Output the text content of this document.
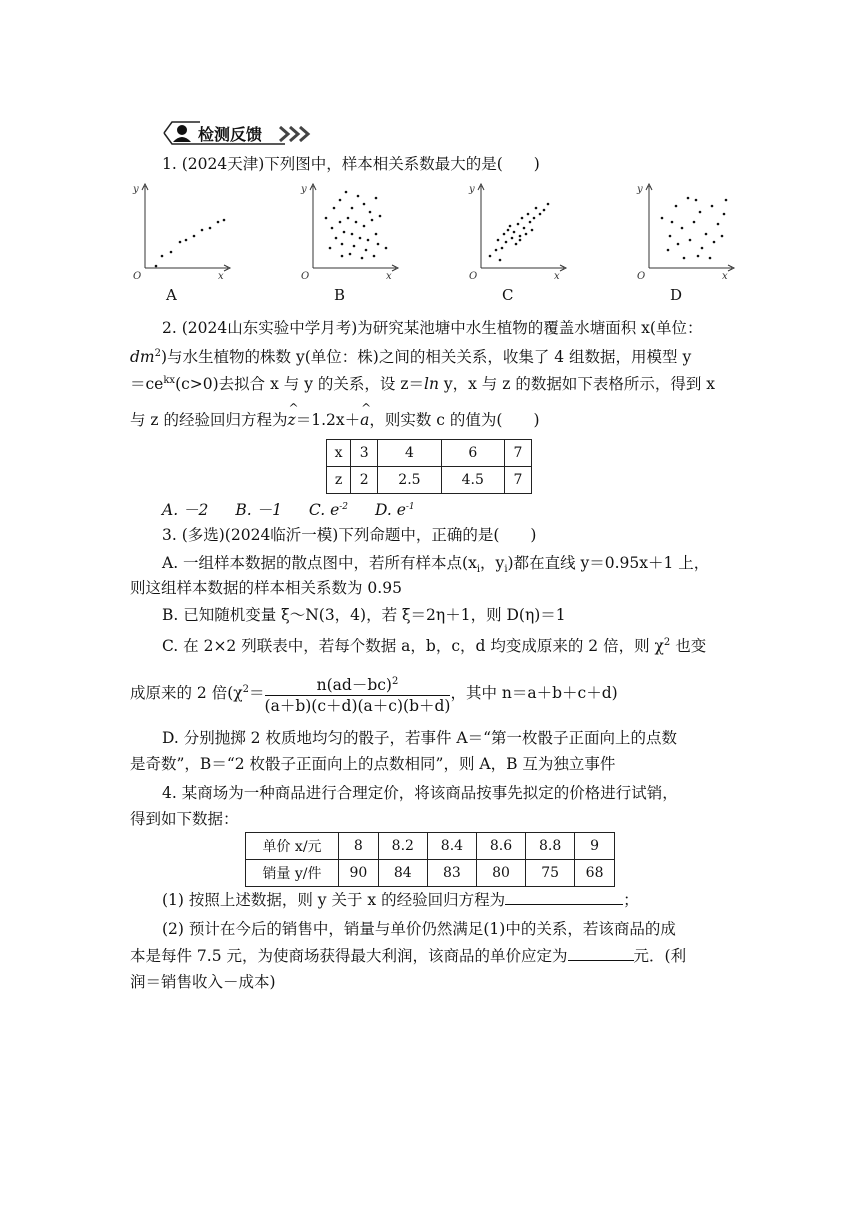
检测反馈
1. (2024天津)下列图中，样本相关系数最大的是(　　)
y
x
O
A
y
x
O
B
y
x
O
C
y
x
O
D
2. (2024山东实验中学月考)为研究某池塘中水生植物的覆盖水塘面积 x(单位：
$dm^2$)与水生植物的株数 y(单位：株)之间的相关关系，收集了 4 组数据，用模型 y
$=ce^{kx}(c>0)$去拟合 x 与 y 的关系，设 z＝ln y，x 与 z 的数据如下表格所示，得到 x
与 z 的经验回归方程为^ z＝1.2x＋^ a，则实数 c 的值为(　　)
x	3	4	6	7
z	2	2.5	4.5	7
A. －2 B. －1 C. $e^{-2}$ D. $e^{-1}$
3. (多选)(2024临沂一模)下列命题中，正确的是(　　)
A. 一组样本数据的散点图中，若所有样本点($x_i$，$y_i$)都在直线 y＝0.95x＋1 上，
则这组样本数据的样本相关系数为 0.95
B. 已知随机变量 ξ～N(3，4)，若 ξ＝2η＋1，则 D(η)＝1
C. 在 2×2 列联表中，若每个数据 a，b，c，d 均变成原来的 2 倍，则 $\chi^2$ 也变
成原来的 2 倍($\chi^2= \frac{n(ad-bc)^2}{(a+b)(c+d)(a+c)(b+d)}$ ，其中 n＝a＋b＋c＋d)
D. 分别抛掷 2 枚质地均匀的骰子，若事件 A＝“第一枚骰子正面向上的点数
是奇数”，B＝“2 枚骰子正面向上的点数相同”，则 A，B 互为独立事件
4. 某商场为一种商品进行合理定价，将该商品按事先拟定的价格进行试销，
得到如下数据：
单价 x/元	8	8.2	8.4	8.6	8.8	9
销量 y/件	90	84	83	80	75	68
(1) 按照上述数据，则 y 关于 x 的经验回归方程为	；
(2) 预计在今后的销售中，销量与单价仍然满足(1)中的关系，若该商品的成
本是每件 7.5 元，为使商场获得最大利润，该商品的单价应定为	元．(利
润＝销售收入－成本)
